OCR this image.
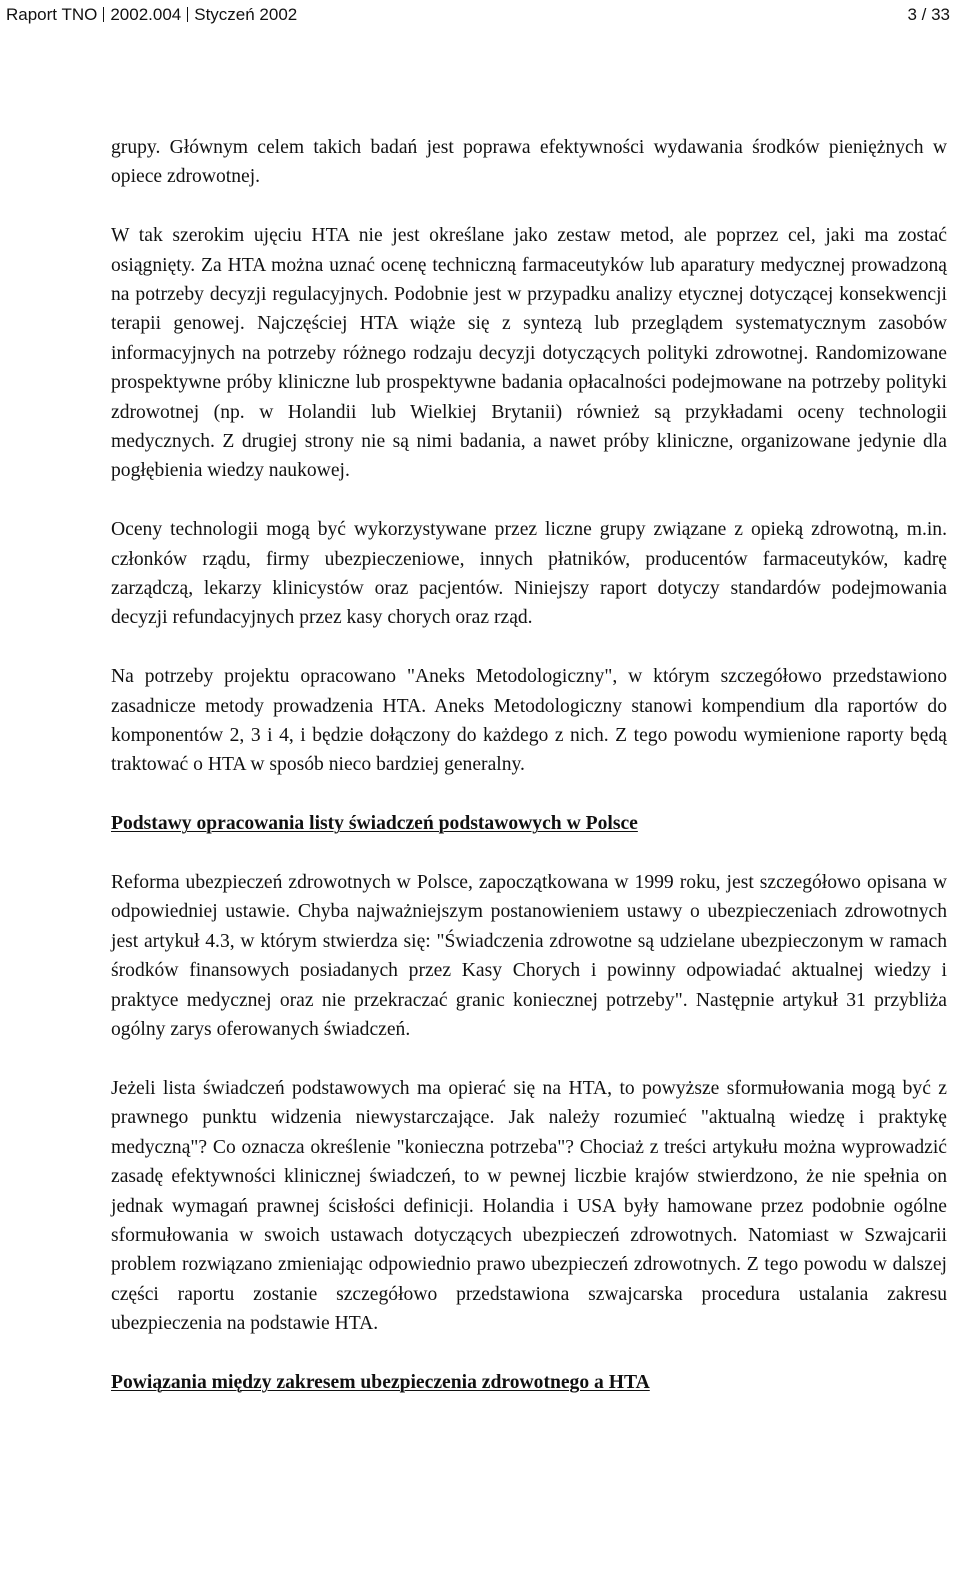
Raport TNO 2002.004 Styczeń 2002	3 / 33

grupy. Głównym celem takich badań jest poprawa efektywności wydawania środków pieniężnych w opiece zdrowotnej.

W tak szerokim ujęciu HTA nie jest określane jako zestaw metod, ale poprzez cel, jaki ma zostać osiągnięty. Za HTA można uznać ocenę techniczną farmaceutyków lub aparatury medycznej prowadzoną na potrzeby decyzji regulacyjnych. Podobnie jest w przypadku analizy etycznej dotyczącej konsekwencji terapii genowej. Najczęściej HTA wiąże się z syntezą lub przeglądem systematycznym zasobów informacyjnych na potrzeby różnego rodzaju decyzji dotyczących polityki zdrowotnej. Randomizowane prospektywne próby kliniczne lub prospektywne badania opłacalności podejmowane na potrzeby polityki zdrowotnej (np. w Holandii lub Wielkiej Brytanii) również są przykładami oceny technologii medycznych. Z drugiej strony nie są nimi badania, a nawet próby kliniczne, organizowane jedynie dla pogłębienia wiedzy naukowej.

Oceny technologii mogą być wykorzystywane przez liczne grupy związane z opieką zdrowotną, m.in. członków rządu, firmy ubezpieczeniowe, innych płatników, producentów farmaceutyków, kadrę zarządczą, lekarzy klinicystów oraz pacjentów. Niniejszy raport dotyczy standardów podejmowania decyzji refundacyjnych przez kasy chorych oraz rząd.

Na potrzeby projektu opracowano "Aneks Metodologiczny", w którym szczegółowo przedstawiono zasadnicze metody prowadzenia HTA. Aneks Metodologiczny stanowi kompendium dla raportów do komponentów 2, 3 i 4, i będzie dołączony do każdego z nich. Z tego powodu wymienione raporty będą traktować o HTA w sposób nieco bardziej generalny.

Podstawy opracowania listy świadczeń podstawowych w Polsce

Reforma ubezpieczeń zdrowotnych w Polsce, zapoczątkowana w 1999 roku, jest szczegółowo opisana w odpowiedniej ustawie. Chyba najważniejszym postanowieniem ustawy o ubezpieczeniach zdrowotnych jest artykuł 4.3, w którym stwierdza się: "Świadczenia zdrowotne są udzielane ubezpieczonym w ramach środków finansowych posiadanych przez Kasy Chorych i powinny odpowiadać aktualnej wiedzy i praktyce medycznej oraz nie przekraczać granic koniecznej potrzeby". Następnie artykuł 31 przybliża ogólny zarys oferowanych świadczeń.

Jeżeli lista świadczeń podstawowych ma opierać się na HTA, to powyższe sformułowania mogą być z prawnego punktu widzenia niewystarczające. Jak należy rozumieć "aktualną wiedzę i praktykę medyczną"? Co oznacza określenie "konieczna potrzeba"? Chociaż z treści artykułu można wyprowadzić zasadę efektywności klinicznej świadczeń, to w pewnej liczbie krajów stwierdzono, że nie spełnia on jednak wymagań prawnej ścisłości definicji. Holandia i USA były hamowane przez podobnie ogólne sformułowania w swoich ustawach dotyczących ubezpieczeń zdrowotnych. Natomiast w Szwajcarii problem rozwiązano zmieniając odpowiednio prawo ubezpieczeń zdrowotnych. Z tego powodu w dalszej części raportu zostanie szczegółowo przedstawiona szwajcarska procedura ustalania zakresu ubezpieczenia na podstawie HTA.

Powiązania między zakresem ubezpieczenia zdrowotnego a HTA
